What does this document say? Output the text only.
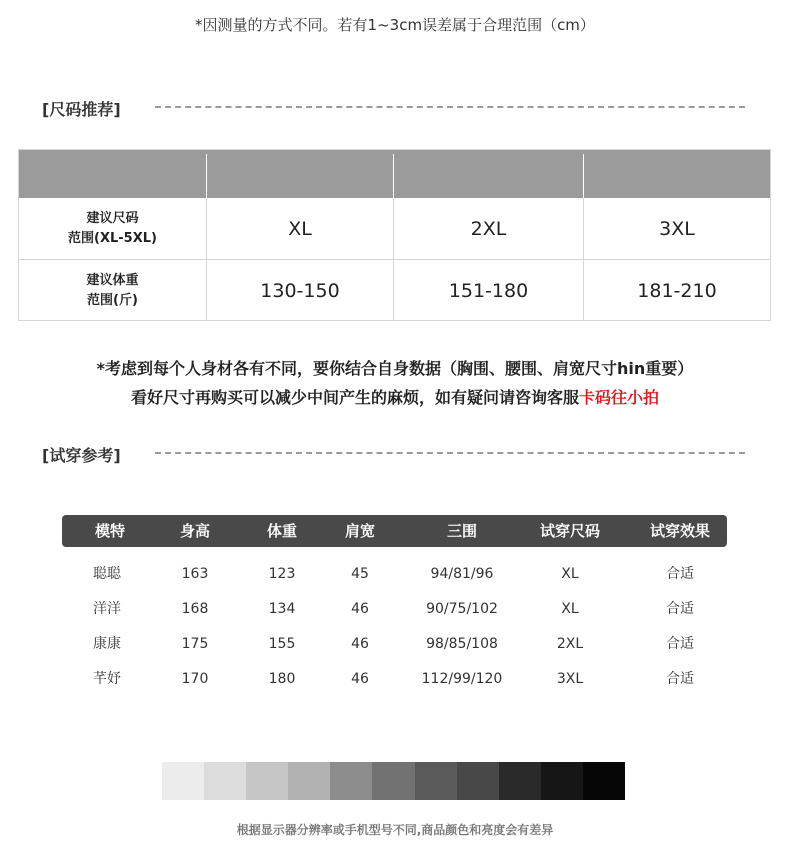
*因测量的方式不同。若有1~3cm误差属于合理范围（cm）
[尺码推荐]
建议尺码
范围(XL-5XL)	XL	2XL	3XL
建议体重
范围(斤)	130-150	151-180	181-210
*考虑到每个人身材各有不同，要你结合自身数据（胸围、腰围、肩宽尺寸hin重要）
看好尺寸再购买可以减少中间产生的麻烦，如有疑问请咨询客服卡码往小拍
[试穿参考]
模特	身高	体重	肩宽	三围	试穿尺码	试穿效果
聪聪	163	123	45	94/81/96	XL	合适
洋洋	168	134	46	90/75/102	XL	合适
康康	175	155	46	98/85/108	2XL	合适
芊妤	170	180	46	112/99/120	3XL	合适
根据显示器分辨率或手机型号不同,商品颜色和亮度会有差异
